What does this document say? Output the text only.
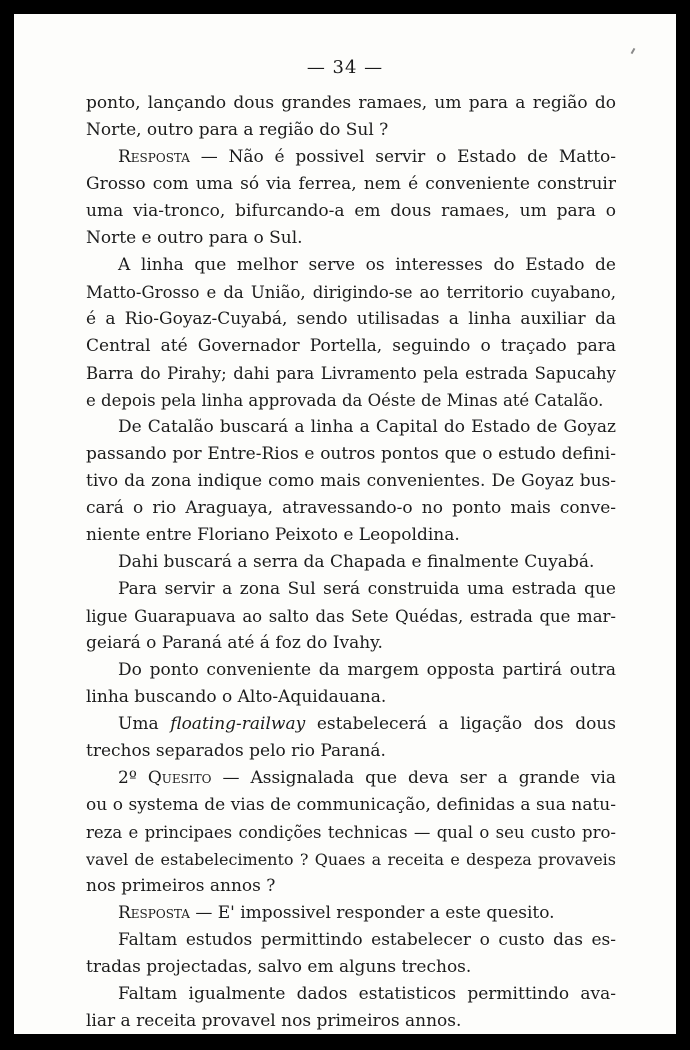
— 34 —
ponto, lançando dous grandes ramaes, um para a região do
Norte, outro para a região do Sul ?
Resposta — Não é possivel servir o Estado de Matto-
Grosso com uma só via ferrea, nem é conveniente construir
uma via-tronco, bifurcando-a em dous ramaes, um para o
Norte e outro para o Sul.
A linha que melhor serve os interesses do Estado de
Matto-Grosso e da União, dirigindo-se ao territorio cuyabano,
é a Rio-Goyaz-Cuyabá, sendo utilisadas a linha auxiliar da
Central até Governador Portella, seguindo o traçado para
Barra do Pirahy; dahi para Livramento pela estrada Sapucahy
e depois pela linha approvada da Oéste de Minas até Catalão.
De Catalão buscará a linha a Capital do Estado de Goyaz
passando por Entre-Rios e outros pontos que o estudo defini-
tivo da zona indique como mais convenientes. De Goyaz bus-
cará o rio Araguaya, atravessando-o no ponto mais conve-
niente entre Floriano Peixoto e Leopoldina.
Dahi buscará a serra da Chapada e finalmente Cuyabá.
Para servir a zona Sul será construida uma estrada que
ligue Guarapuava ao salto das Sete Quédas, estrada que mar-
geiará o Paraná até á foz do Ivahy.
Do ponto conveniente da margem opposta partirá outra
linha buscando o Alto-Aquidauana.
Uma floating-railway estabelecerá a ligação dos dous
trechos separados pelo rio Paraná.
2º Quesito — Assignalada que deva ser a grande via
ou o systema de vias de communicação, definidas a sua natu-
reza e principaes condições technicas — qual o seu custo pro-
vavel de estabelecimento ? Quaes a receita e despeza provaveis
nos primeiros annos ?
Resposta — E' impossivel responder a este quesito.
Faltam estudos permittindo estabelecer o custo das es-
tradas projectadas, salvo em alguns trechos.
Faltam igualmente dados estatisticos permittindo ava-
liar a receita provavel nos primeiros annos.
